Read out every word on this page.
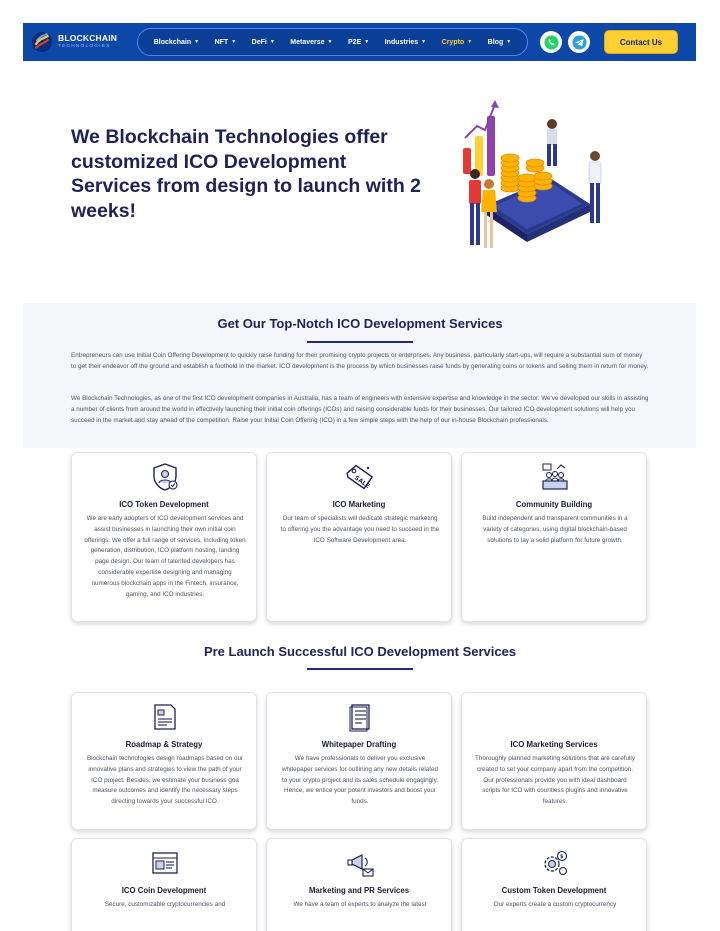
BLOCKCHAIN
TECHNOLOGIES
Blockchain ▼ NFT ▼ DeFi ▼ Metaverse ▼ P2E ▼ Industries ▼ Crypto ▼ Blog ▼	Contact Us
We Blockchain Technologies offer customized ICO Development Services from design to launch with 2 weeks!
Get Our Top-Notch ICO Development Services

Entrepreneurs can use Initial Coin Offering Development to quickly raise funding for their promising crypto projects or enterprises. Any business, particularly start-ups, will require a substantial sum of money to get their endeavor off the ground and establish a foothold in the market. ICO development is the process by which businesses raise funds by generating coins or tokens and selling them in return for money.

We Blockchain Technologies, as one of the first ICO development companies in Australia, has a team of engineers with extensive expertise and knowledge in the sector. We've developed our skills in assisting a number of clients from around the world in effectively launching their initial coin offerings (ICOs) and raising considerable funds for their businesses. Our tailored ICO development solutions will help you succeed in the market and stay ahead of the competition. Raise your Initial Coin Offering (ICO) in a few simple steps with the help of our in-house Blockchain professionals.

ICO Token Development
We are early adopters of ICO development services and assist businesses in launching their own initial coin offerings. We offer a full range of services, including token generation, distribution, ICO platform hosting, landing page design. Our team of talented developers has considerable expertise designing and managing numerous blockchain apps in the Fintech, insurance, gaming, and ICO industries.
SALE
ICO Marketing
Our team of specialists will dedicate strategic marketing to offering you the advantage you need to succeed in the ICO Software Development area.
Community Building
Build independent and transparent communities in a variety of categories, using digital blockchain-based solutions to lay a solid platform for future growth.
Pre Launch Successful ICO Development Services
Roadmap & Strategy
Blockchain technologies design roadmaps based on our innovative plans and strategies to view the path of your ICO project. Besides, we estimate your business goa measure outcomes and identify the necessary steps directing towards your successful ICO.
Whitepaper Drafting
We have professionals to deliver you exclusive whitepaper services for outlining any new details related to your crypto project and its sales schedule engagingly. Hence, we entice your potent investors and boost your funds.
ICO Marketing Services
Thoroughly planned marketing solutions that are carefully created to set your company apart from the competition. Our professionals provide you with ideal dashboard scripts for ICO with countless plugins and innovative features.
ICO Coin Development
Secure, customizable cryptocurrencies and
Marketing and PR Services
We have a team of experts to analyze the latest
$
Custom Token Development
Our experts create a custom cryptocurrency
